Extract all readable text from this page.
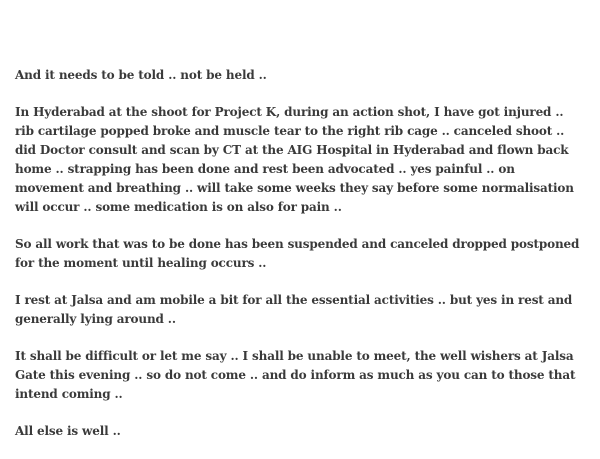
And it needs to be told .. not be held ..

In Hyderabad at the shoot for Project K, during an action shot, I have got injured .. rib cartilage popped broke and muscle tear to the right rib cage .. canceled shoot .. did Doctor consult and scan by CT at the AIG Hospital in Hyderabad and flown back home .. strapping has been done and rest been advocated .. yes painful .. on movement and breathing .. will take some weeks they say before some normalisation will occur .. some medication is on also for pain ..

So all work that was to be done has been suspended and canceled dropped postponed for the moment until healing occurs ..

I rest at Jalsa and am mobile a bit for all the essential activities .. but yes in rest and generally lying around ..

It shall be difficult or let me say .. I shall be unable to meet, the well wishers at Jalsa Gate this evening .. so do not come .. and do inform as much as you can to those that intend coming ..

All else is well ..
